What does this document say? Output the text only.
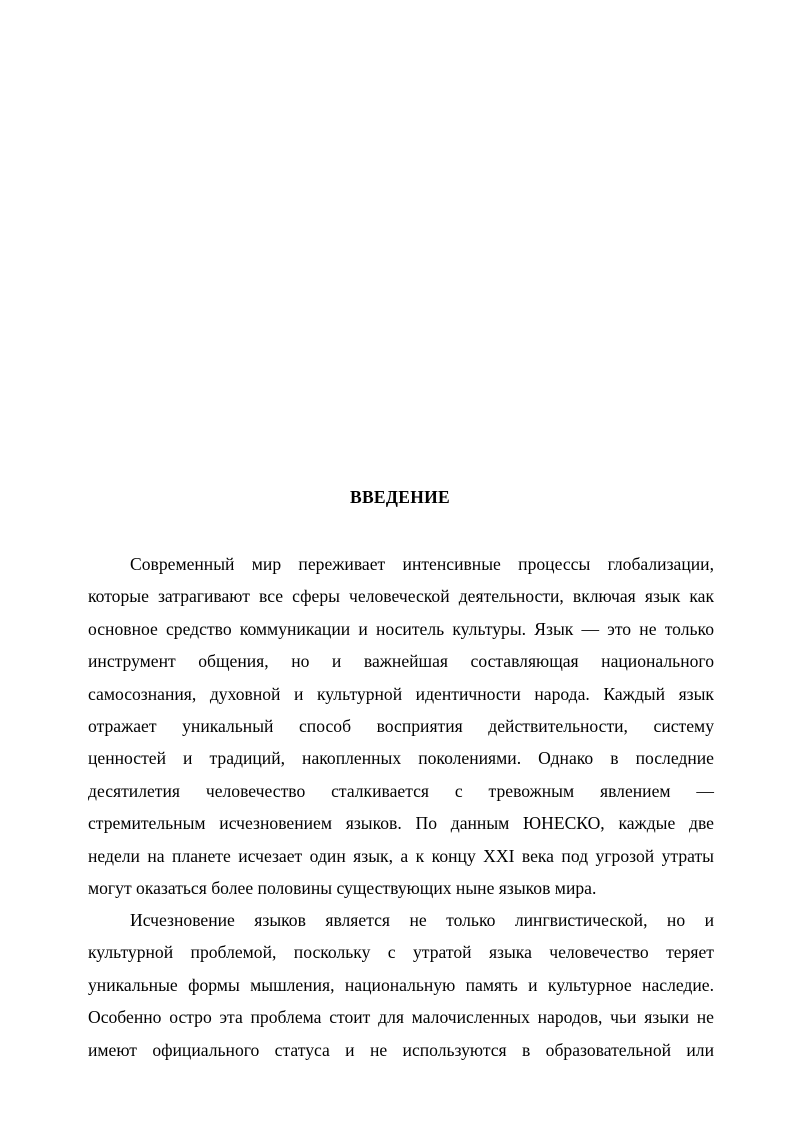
ВВЕДЕНИЕ
Современный мир переживает интенсивные процессы глобализации,
которые затрагивают все сферы человеческой деятельности, включая язык как
основное средство коммуникации и носитель культуры. Язык — это не только
инструмент общения, но и важнейшая составляющая национального
самосознания, духовной и культурной идентичности народа. Каждый язык
отражает уникальный способ восприятия действительности, систему
ценностей и традиций, накопленных поколениями. Однако в последние
десятилетия человечество сталкивается с тревожным явлением —
стремительным исчезновением языков. По данным ЮНЕСКО, каждые две
недели на планете исчезает один язык, а к концу XXI века под угрозой утраты
могут оказаться более половины существующих ныне языков мира.
Исчезновение языков является не только лингвистической, но и
культурной проблемой, поскольку с утратой языка человечество теряет
уникальные формы мышления, национальную память и культурное наследие.
Особенно остро эта проблема стоит для малочисленных народов, чьи языки не
имеют официального статуса и не используются в образовательной или
